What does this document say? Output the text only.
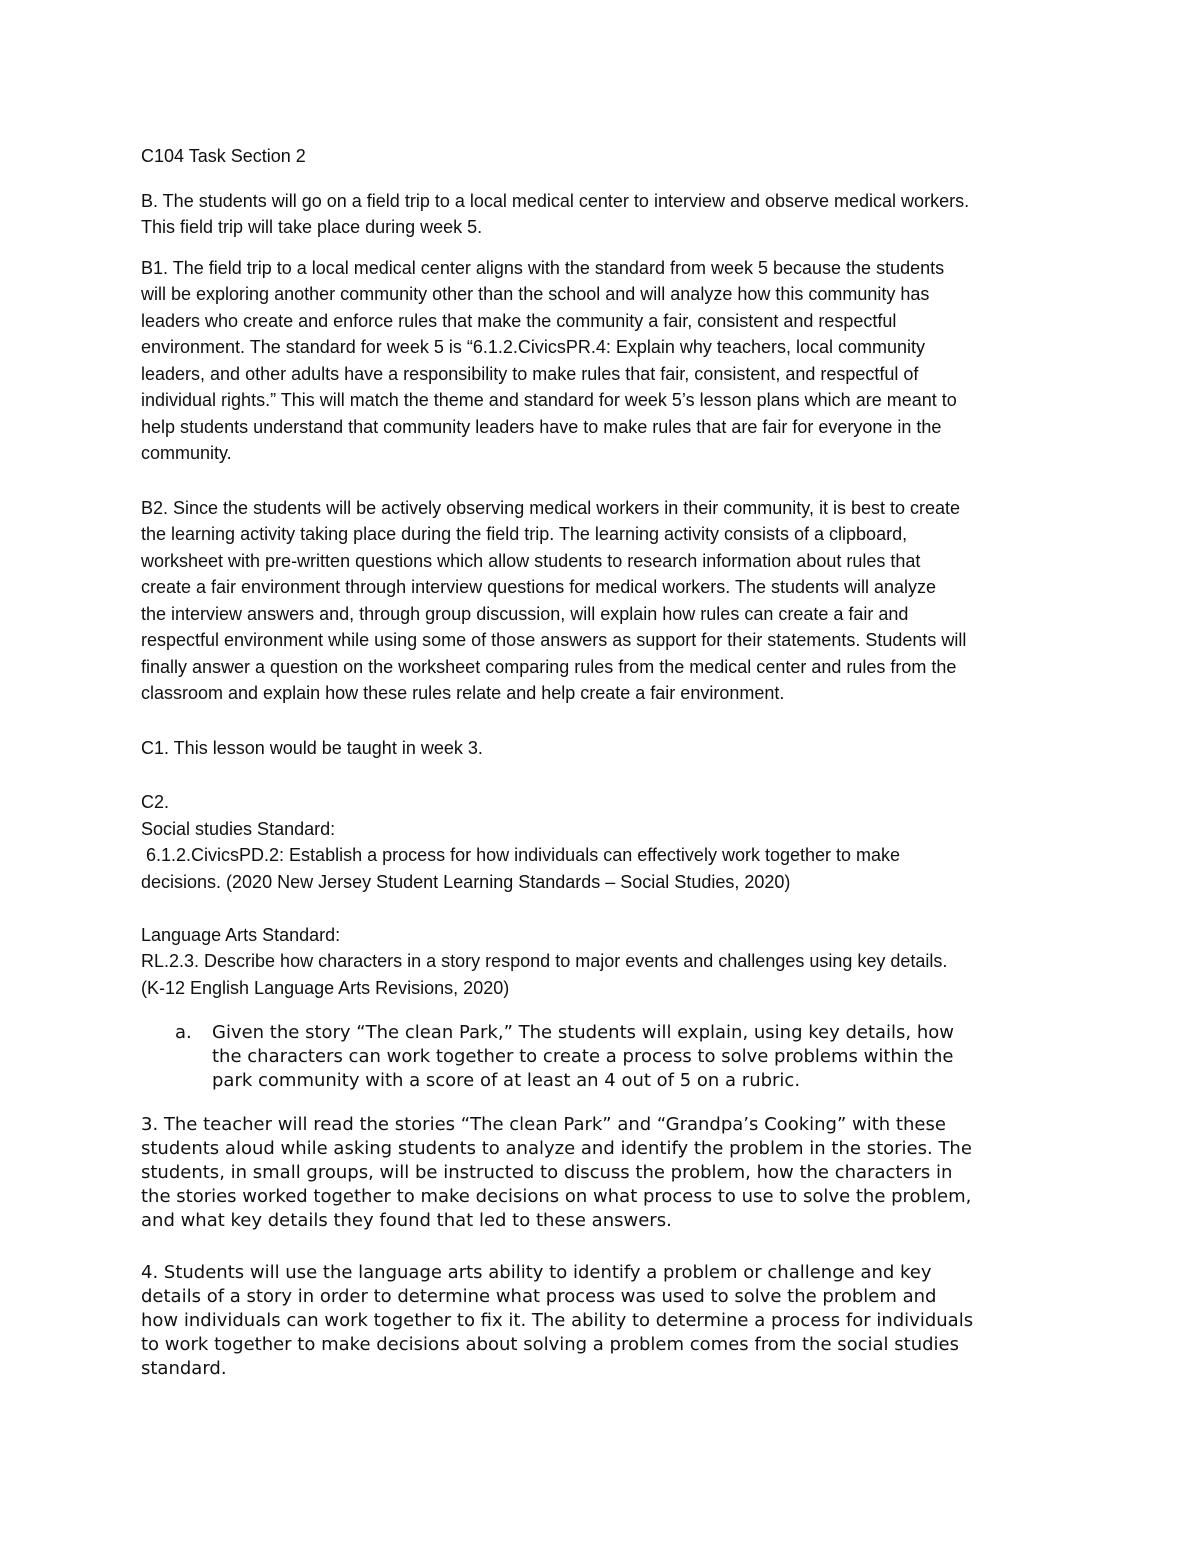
C104 Task Section 2

B. The students will go on a field trip to a local medical center to interview and observe medical workers.
This field trip will take place during week 5.

B1. The field trip to a local medical center aligns with the standard from week 5 because the students
will be exploring another community other than the school and will analyze how this community has
leaders who create and enforce rules that make the community a fair, consistent and respectful
environment. The standard for week 5 is “6.1.2.CivicsPR.4: Explain why teachers, local community
leaders, and other adults have a responsibility to make rules that fair, consistent, and respectful of
individual rights.” This will match the theme and standard for week 5’s lesson plans which are meant to
help students understand that community leaders have to make rules that are fair for everyone in the
community.

B2. Since the students will be actively observing medical workers in their community, it is best to create
the learning activity taking place during the field trip. The learning activity consists of a clipboard,
worksheet with pre-written questions which allow students to research information about rules that
create a fair environment through interview questions for medical workers. The students will analyze
the interview answers and, through group discussion, will explain how rules can create a fair and
respectful environment while using some of those answers as support for their statements. Students will
finally answer a question on the worksheet comparing rules from the medical center and rules from the
classroom and explain how these rules relate and help create a fair environment.

C1. This lesson would be taught in week 3.

C2.
Social studies Standard:
6.1.2.CivicsPD.2: Establish a process for how individuals can effectively work together to make
decisions. (2020 New Jersey Student Learning Standards – Social Studies, 2020)

Language Arts Standard:
RL.2.3. Describe how characters in a story respond to major events and challenges using key details.
(K-12 English Language Arts Revisions, 2020)
a. Given the story “The clean Park,” The students will explain, using key details, how
the characters can work together to create a process to solve problems within the
park community with a score of at least an 4 out of 5 on a rubric.

3. The teacher will read the stories “The clean Park” and “Grandpa’s Cooking” with these
students aloud while asking students to analyze and identify the problem in the stories. The
students, in small groups, will be instructed to discuss the problem, how the characters in
the stories worked together to make decisions on what process to use to solve the problem,
and what key details they found that led to these answers.

4. Students will use the language arts ability to identify a problem or challenge and key
details of a story in order to determine what process was used to solve the problem and
how individuals can work together to fix it. The ability to determine a process for individuals
to work together to make decisions about solving a problem comes from the social studies
standard.
